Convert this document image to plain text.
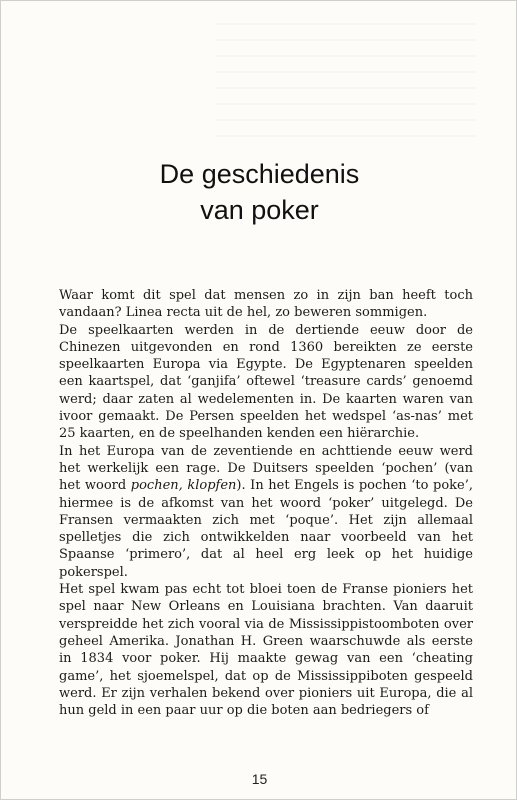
De geschiedenis
van poker

Waar komt dit spel dat mensen zo in zijn ban heeft toch vandaan? Linea recta uit de hel, zo beweren sommigen.

De speelkaarten werden in de dertiende eeuw door de Chinezen uitgevonden en rond 1360 bereikten ze eerste speelkaarten Europa via Egypte. De Egyptenaren speelden een kaartspel, dat ‘ganjifa’ oftewel ‘treasure cards’ genoemd werd; daar zaten al wedelementen in. De kaarten waren van ivoor gemaakt. De Persen speelden het wedspel ‘as-nas’ met 25 kaarten, en de speelhanden kenden een hiërarchie.

In het Europa van de zeventiende en achttiende eeuw werd het werkelijk een rage. De Duitsers speelden ‘pochen’ (van het woord pochen, klopfen). In het Engels is pochen ‘to poke’, hiermee is de afkomst van het woord ‘poker’ uitgelegd. De Fransen vermaakten zich met ‘poque’. Het zijn allemaal spelletjes die zich ontwikkelden naar voorbeeld van het Spaanse ‘primero’, dat al heel erg leek op het huidige pokerspel.

Het spel kwam pas echt tot bloei toen de Franse pioniers het spel naar New Orleans en Louisiana brachten. Van daaruit verspreidde het zich vooral via de Mississippistoomboten over geheel Amerika. Jonathan H. Green waarschuwde als eerste in 1834 voor poker. Hij maakte gewag van een ‘cheating game’, het sjoemelspel, dat op de Mississippiboten gespeeld werd. Er zijn verhalen bekend over pioniers uit Europa, die al hun geld in een paar uur op die boten aan bedriegers of

15
